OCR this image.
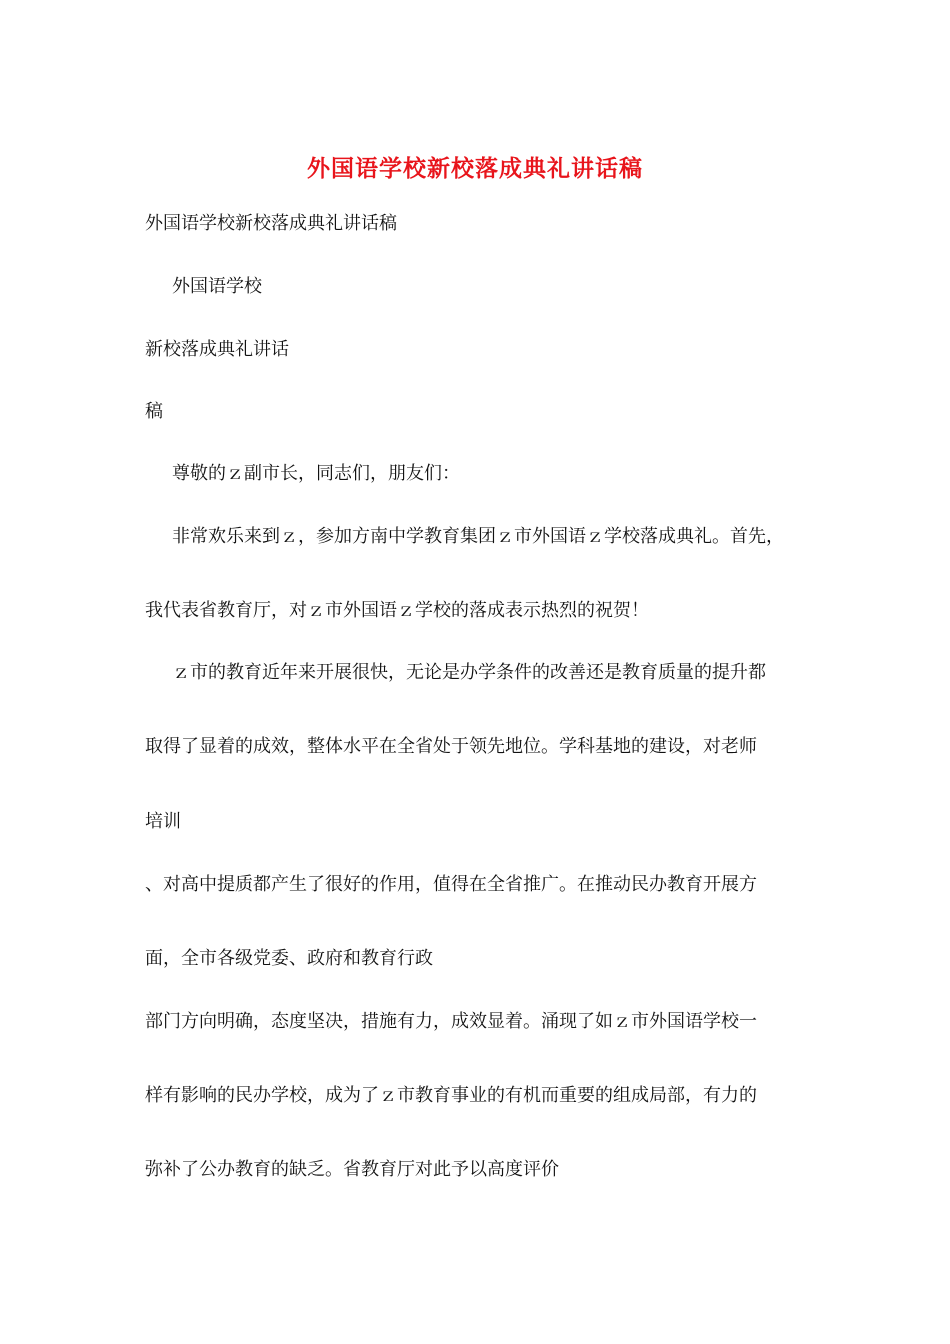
外国语学校新校落成典礼讲话稿
外国语学校新校落成典礼讲话稿
外国语学校
新校落成典礼讲话
稿
尊敬的ｚ副市长，同志们，朋友们：
非常欢乐来到ｚ，参加方南中学教育集团ｚ市外国语ｚ学校落成典礼。首先，
我代表省教育厅，对ｚ市外国语ｚ学校的落成表示热烈的祝贺！
ｚ市的教育近年来开展很快，无论是办学条件的改善还是教育质量的提升都
取得了显着的成效，整体水平在全省处于领先地位。学科基地的建设，对老师
培训
、对高中提质都产生了很好的作用，值得在全省推广。在推动民办教育开展方
面，全市各级党委、政府和教育行政
部门方向明确，态度坚决，措施有力，成效显着。涌现了如ｚ市外国语学校一
样有影响的民办学校，成为了ｚ市教育事业的有机而重要的组成局部，有力的
弥补了公办教育的缺乏。省教育厅对此予以高度评价
